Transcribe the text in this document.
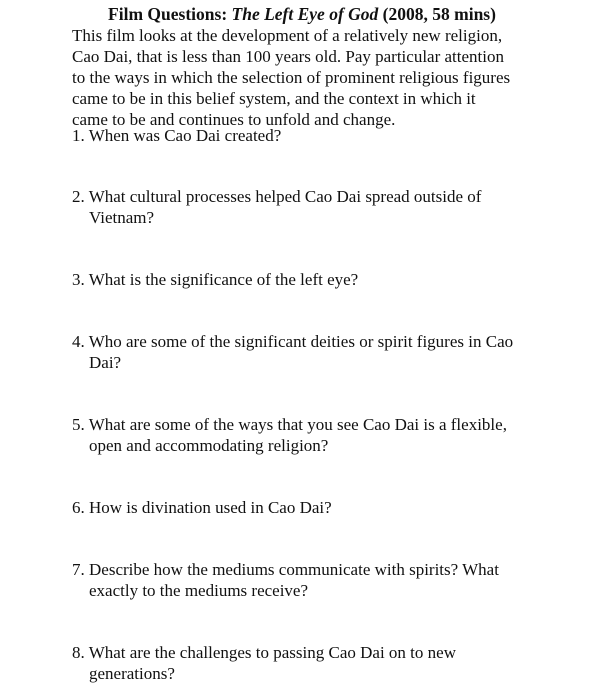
Film Questions: The Left Eye of God (2008, 58 mins)
This film looks at the development of a relatively new religion,
Cao Dai, that is less than 100 years old. Pay particular attention
to the ways in which the selection of prominent religious figures
came to be in this belief system, and the context in which it
came to be and continues to unfold and change.
1. When was Cao Dai created?
2. What cultural processes helped Cao Dai spread outside of
Vietnam?
3. What is the significance of the left eye?
4. Who are some of the significant deities or spirit figures in Cao
Dai?
5. What are some of the ways that you see Cao Dai is a flexible,
open and accommodating religion?
6. How is divination used in Cao Dai?
7. Describe how the mediums communicate with spirits? What
exactly to the mediums receive?
8. What are the challenges to passing Cao Dai on to new
generations?
